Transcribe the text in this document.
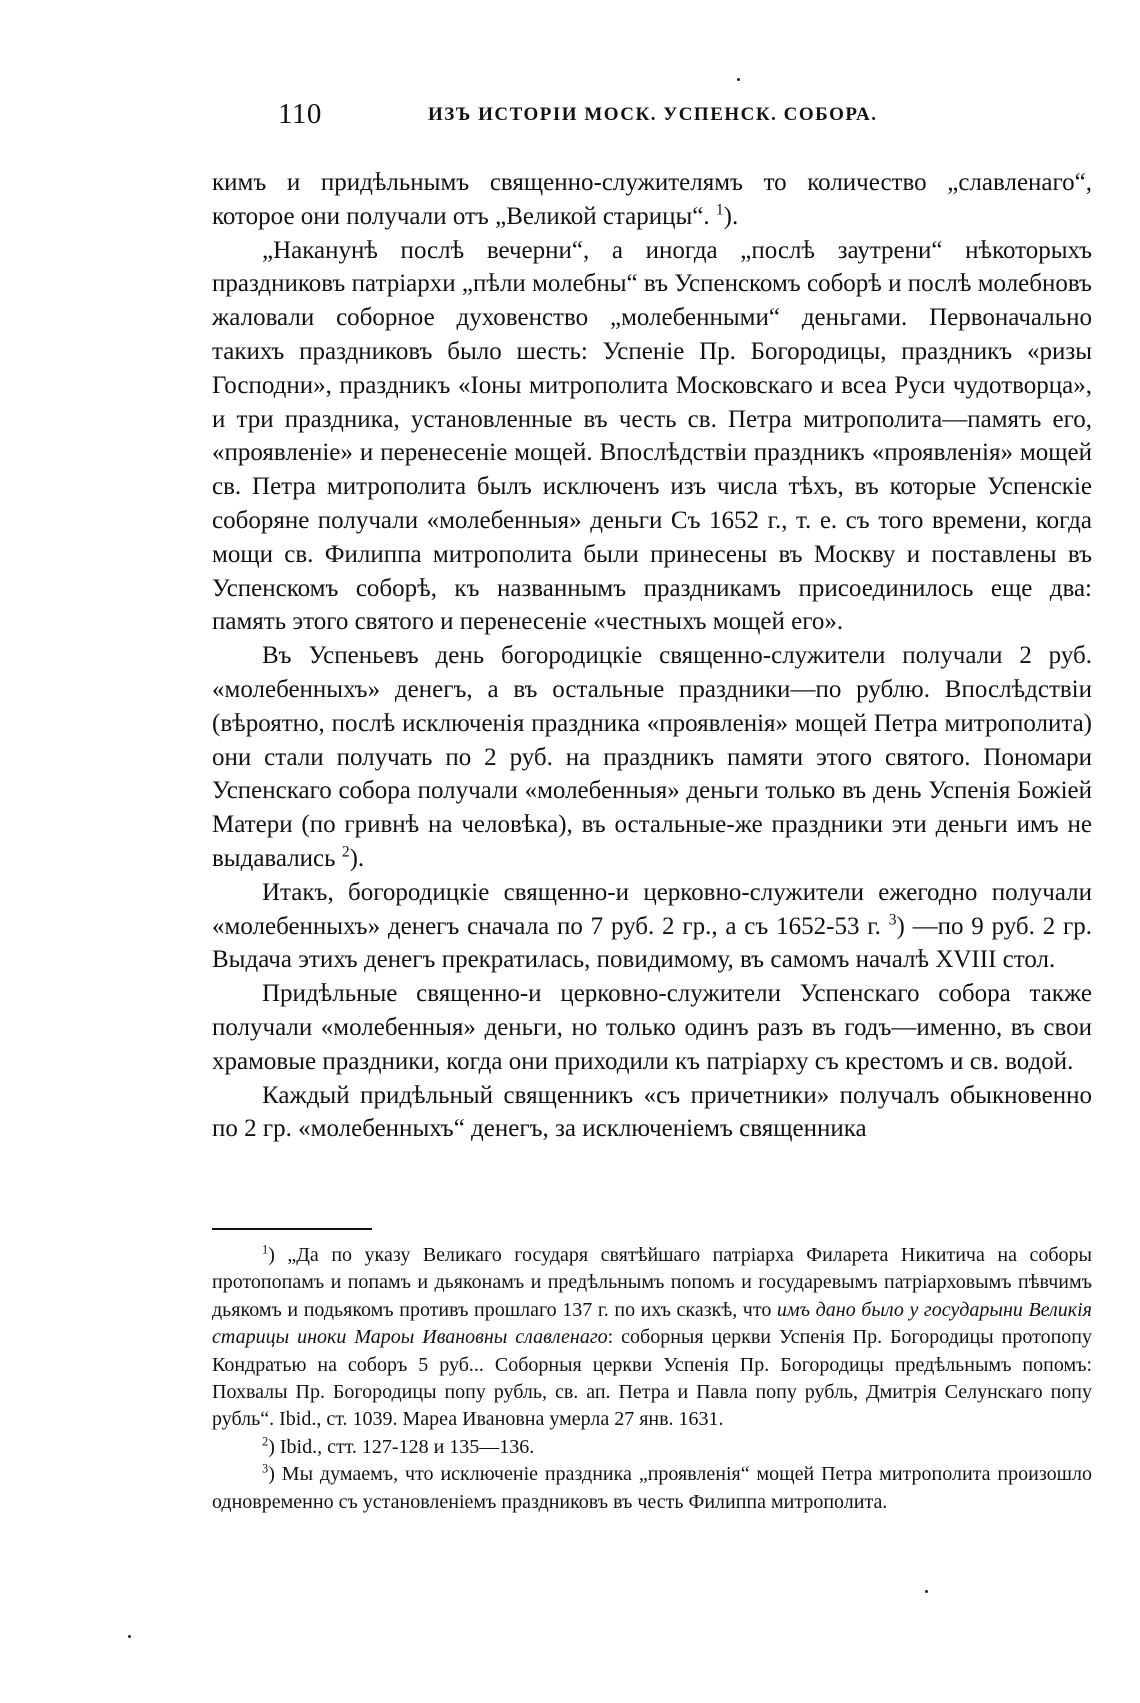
110	ИЗЪ ИСТОРІИ МОСК. УСПЕНСК. СОБОРА.

кимъ и придѣльнымъ священно-служителямъ то количество „славленаго“, которое они получали отъ „Великой старицы“. $^1$).

„Наканунѣ послѣ вечерни“, а иногда „послѣ заутрени“ нѣкоторыхъ праздниковъ патріархи „пѣли молебны“ въ Успенскомъ соборѣ и послѣ молебновъ жаловали соборное духовенство „молебенными“ деньгами. Первоначально такихъ праздниковъ было шесть: Успеніе Пр. Богородицы, праздникъ «ризы Господни», праздникъ «Іоны митрополита Московскаго и всеа Руси чудотворца», и три праздника, установленные въ честь св. Петра митрополита—память его, «проявленіе» и перенесеніе мощей. Впослѣдствіи праздникъ «проявленія» мощей св. Петра митрополита былъ исключенъ изъ числа тѣхъ, въ которые Успенскіе соборяне получали «молебенныя» деньги Съ 1652 г., т. е. съ того времени, когда мощи св. Филиппа митрополита были принесены въ Москву и поставлены въ Успенскомъ соборѣ, къ названнымъ праздникамъ присоединилось еще два: память этого святого и перенесеніе «честныхъ мощей его».

Въ Успеньевъ день богородицкіе священно-служители получали 2 руб. «молебенныхъ» денегъ, а въ остальные праздники—по рублю. Впослѣдствіи (вѣроятно, послѣ исключенія праздника «проявленія» мощей Петра митрополита) они стали получать по 2 руб. на праздникъ памяти этого святого. Пономари Успенскаго собора получали «молебенныя» деньги только въ день Успенія Божіей Матери (по гривнѣ на человѣка), въ остальные-же праздники эти деньги имъ не выдавались $^2$).

Итакъ, богородицкіе священно-и церковно-служители ежегодно получали «молебенныхъ» денегъ сначала по 7 руб. 2 гр., а съ 1652-53 г. $^3$) —по 9 руб. 2 гр. Выдача этихъ денегъ прекратилась, повидимому, въ самомъ началѣ XVIII стол.

Придѣльные священно-и церковно-служители Успенскаго собора также получали «молебенныя» деньги, но только одинъ разъ въ годъ—именно, въ свои храмовые праздники, когда они приходили къ патріарху съ крестомъ и св. водой.

Каждый придѣльный священникъ «съ причетники» получалъ обыкновенно по 2 гр. «молебенныхъ“ денегъ, за исключеніемъ священника

$^1$) „Да по указу Великаго государя святѣйшаго патріарха Филарета Никитича на соборы протопопамъ и попамъ и дьяконамъ и предѣльнымъ попомъ и государевымъ патріарховымъ пѣвчимъ дьякомъ и подьякомъ противъ прошлаго 137 г. по ихъ сказкѣ, что имъ дано было у государыни Великія старицы иноки Мароы Ивановны славленаго: соборныя церкви Успенія Пр. Богородицы протопопу Кондратью на соборъ 5 руб... Соборныя церкви Успенія Пр. Богородицы предѣльнымъ попомъ: Похвалы Пр. Богородицы попу рубль, св. ап. Петра и Павла попу рубль, Дмитрія Селунскаго попу рубль“. Ibid., ст. 1039. Мареа Ивановна умерла 27 янв. 1631.

$^2$) Ibid., стт. 127-128 и 135—136.

$^3$) Мы думаемъ, что исключеніе праздника „проявленія“ мощей Петра митрополита произошло одновременно съ установленіемъ праздниковъ въ честь Филиппа митрополита.
